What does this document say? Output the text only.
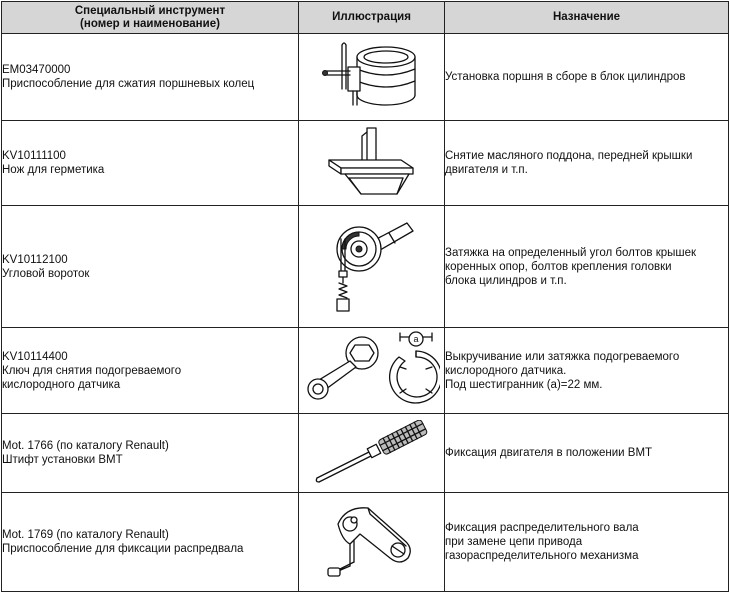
Специальный инструмент
(номер и наименование)	Иллюстрация	Назначение

EM03470000
Приспособление для сжатия поршневых колец		Установка поршня в сборе в блок цилиндров

KV10111100
Нож для герметика		Снятие масляного поддона, передней крышки
двигателя и т.п.

KV10112100
Угловой вороток		Затяжка на определенный угол болтов крышек
коренных опор, болтов крепления головки
блока цилиндров и т.п.

KV10114400
Ключ для снятия подогреваемого
кислородного датчика	a	Выкручивание или затяжка подогреваемого
кислородного датчика.
Под шестигранник (a)=22 мм.

Mot. 1766 (по каталогу Renault)
Штифт установки ВМТ		Фиксация двигателя в положении ВМТ

Mot. 1769 (по каталогу Renault)
Приспособление для фиксации распредвала		Фиксация распределительного вала
при замене цепи привода
газораспределительного механизма
